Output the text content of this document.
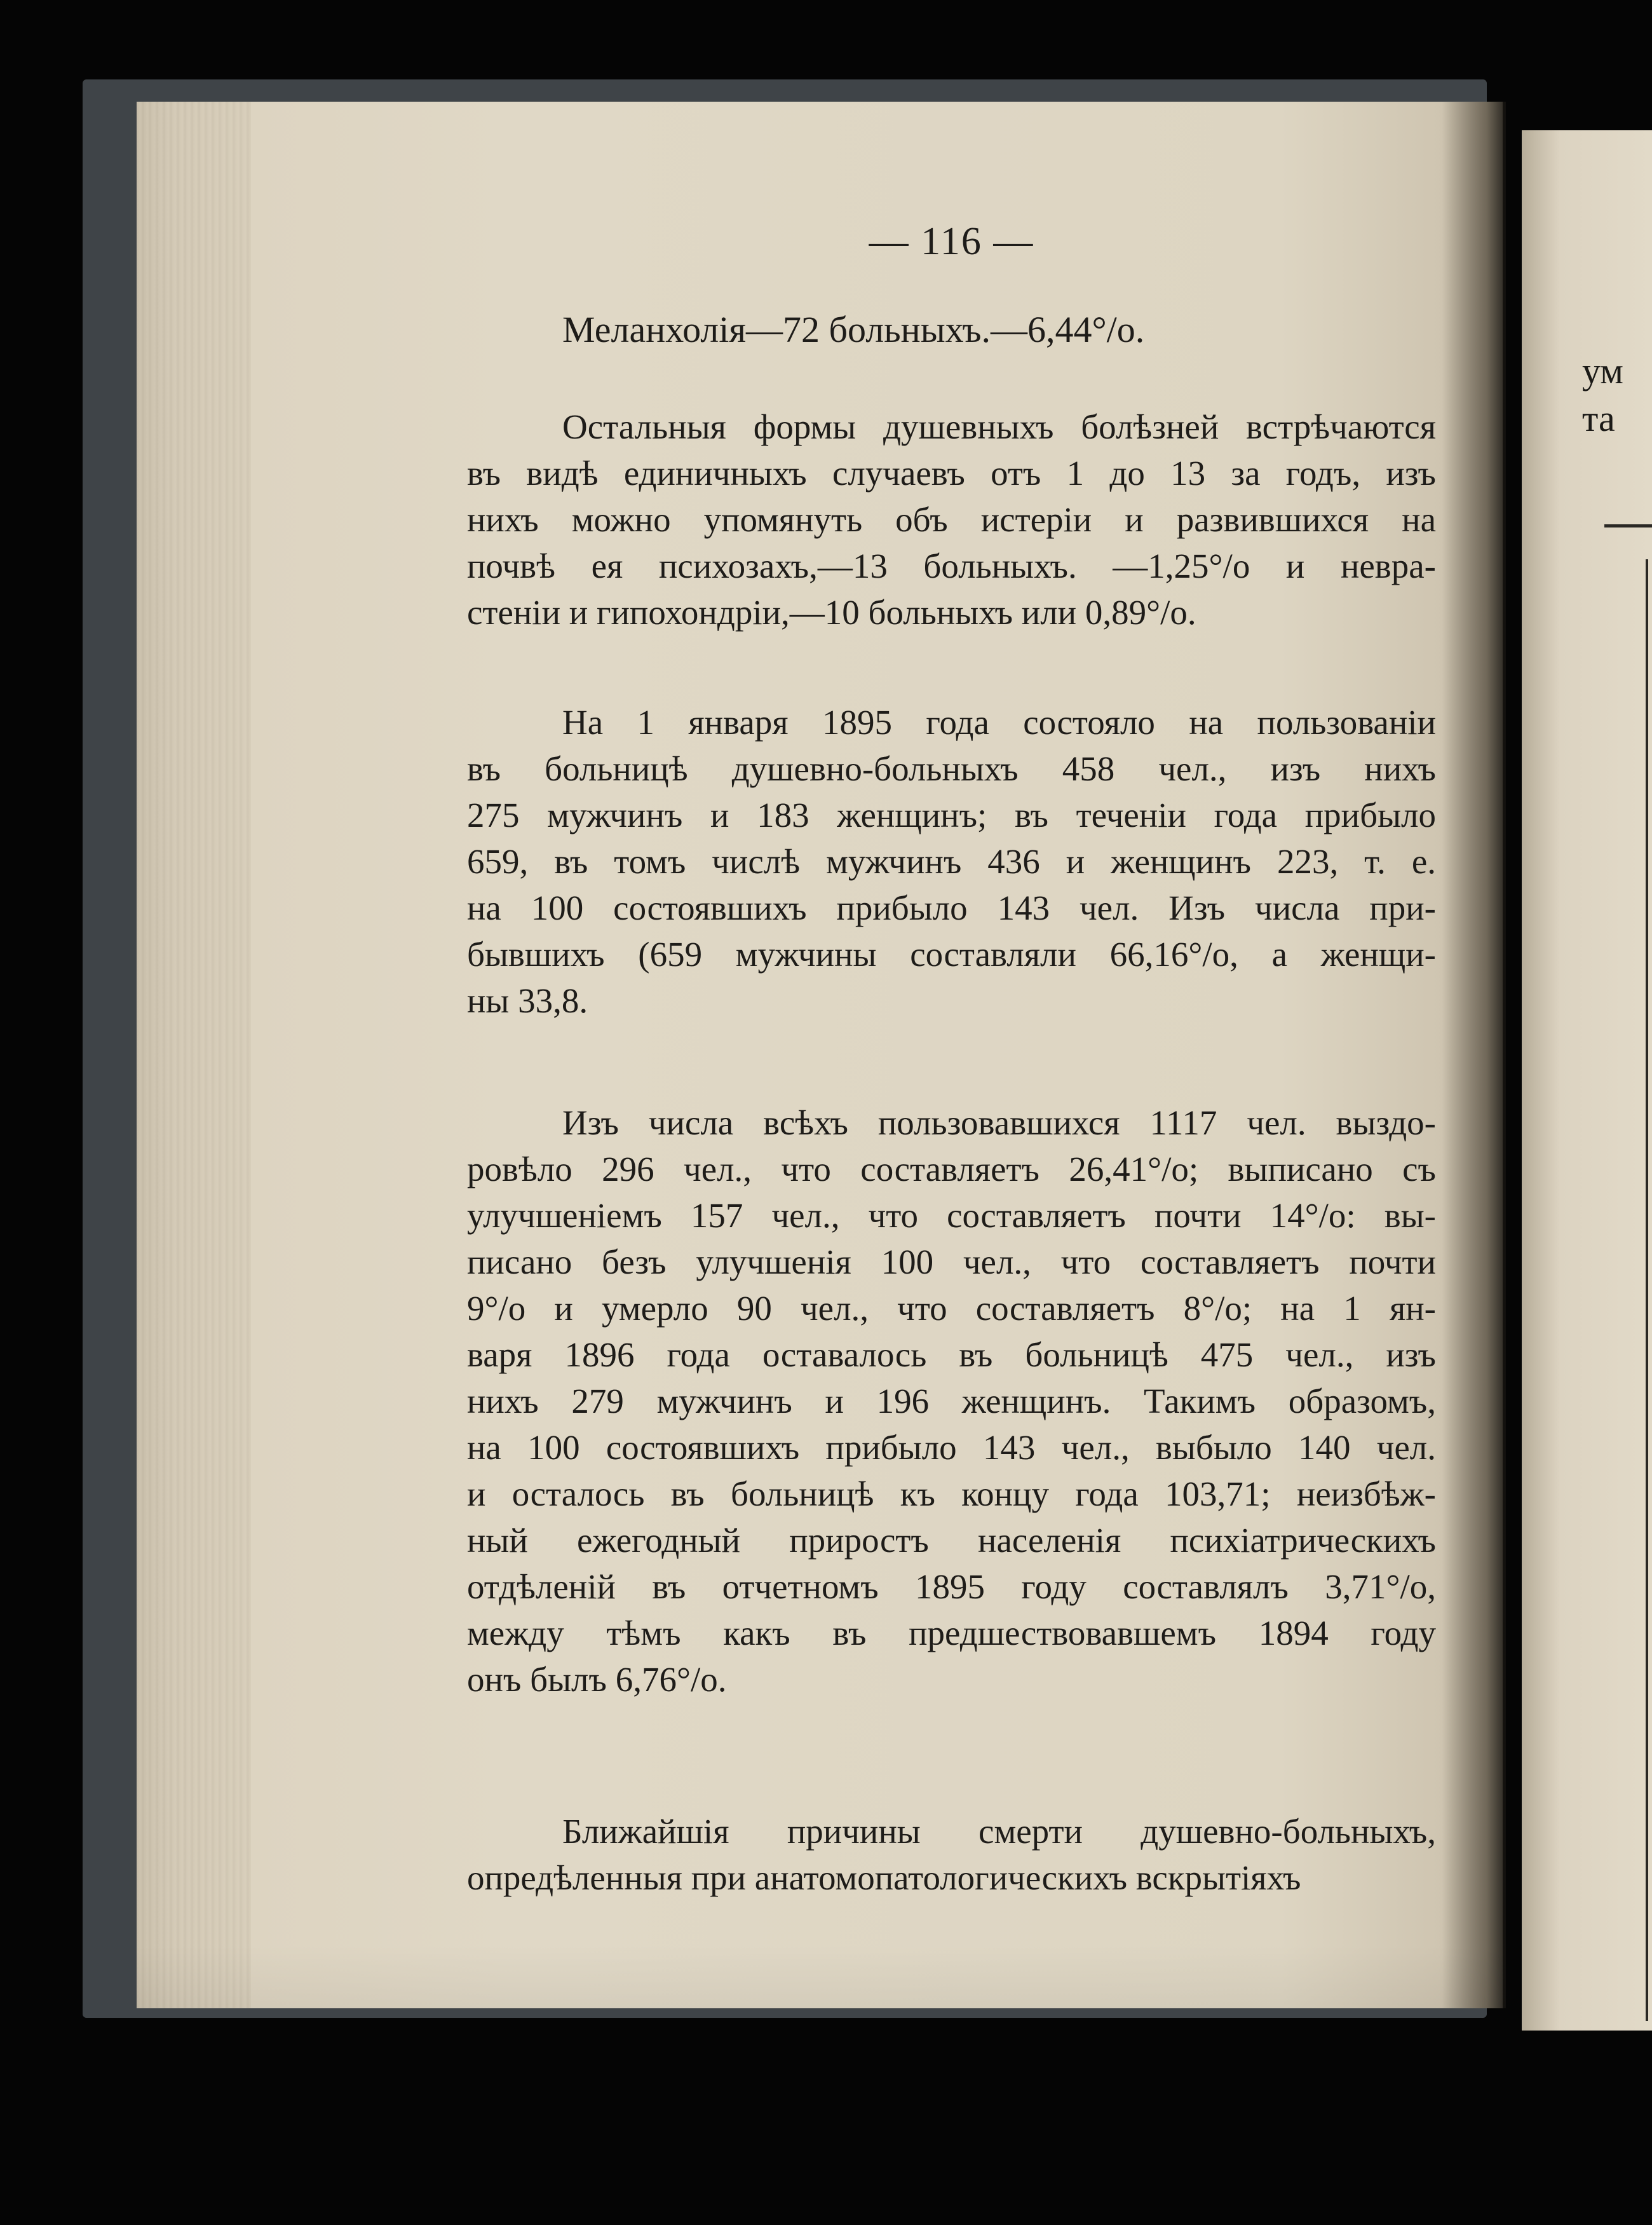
ум
та
— 116 —
Меланхолія—72 больныхъ.—6,44°/o.
Остальныя формы душевныхъ болѣзней встрѣчаются
въ видѣ единичныхъ случаевъ отъ 1 до 13 за годъ, изъ
нихъ можно упомянуть объ истеріи и развившихся на
почвѣ ея психозахъ,—13 больныхъ. —1,25°/o и невра-
стеніи и гипохондріи,—10 больныхъ или 0,89°/o.
На 1 января 1895 года состояло на пользованіи
въ больницѣ душевно-больныхъ 458 чел., изъ нихъ
275 мужчинъ и 183 женщинъ; въ теченіи года прибыло
659, въ томъ числѣ мужчинъ 436 и женщинъ 223, т. е.
на 100 состоявшихъ прибыло 143 чел. Изъ числа при-
бывшихъ (659 мужчины составляли 66,16°/o, а женщи-
ны 33,8.
Изъ числа всѣхъ пользовавшихся 1117 чел. выздо-
ровѣло 296 чел., что составляетъ 26,41°/o; выписано съ
улучшеніемъ 157 чел., что составляетъ почти 14°/o: вы-
писано безъ улучшенія 100 чел., что составляетъ почти
9°/o и умерло 90 чел., что составляетъ 8°/o; на 1 ян-
варя 1896 года оставалось въ больницѣ 475 чел., изъ
нихъ 279 мужчинъ и 196 женщинъ. Такимъ образомъ,
на 100 состоявшихъ прибыло 143 чел., выбыло 140 чел.
и осталось въ больницѣ къ концу года 103,71; неизбѣж-
ный ежегодный приростъ населенія психіатрическихъ
отдѣленій въ отчетномъ 1895 году составлялъ 3,71°/o,
между тѣмъ какъ въ предшествовавшемъ 1894 году
онъ былъ 6,76°/o.
Ближайшія причины смерти душевно-больныхъ,
опредѣленныя при анатомопатологическихъ вскрытіяхъ
